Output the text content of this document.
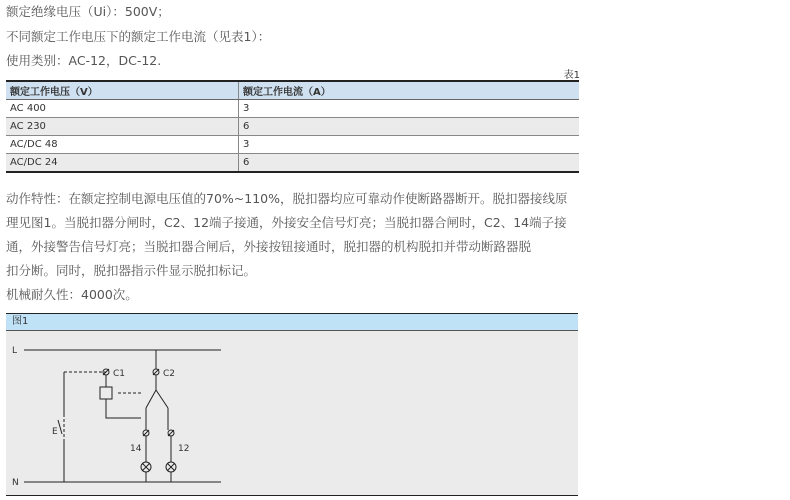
额定绝缘电压（Ui）：500V；
不同额定工作电压下的额定工作电流（见表1）：
使用类别：AC-12，DC-12.
表1
额定工作电压（V）	额定工作电流（A）
AC 400	3
AC 230	6
AC/DC 48	3
AC/DC 24	6
动作特性：在额定控制电源电压值的70%~110%，脱扣器均应可靠动作使断路器断开。脱扣器接线原
理见图1。当脱扣器分闸时，C2、12端子接通，外接安全信号灯亮；当脱扣器合闸时，C2、14端子接
通，外接警告信号灯亮；当脱扣器合闸后，外接按钮接通时，脱扣器的机构脱扣并带动断路器脱
扣分断。同时，脱扣器指示件显示脱扣标记。
机械耐久性：4000次。
图1
L
N
E
C1	C2
14	12
